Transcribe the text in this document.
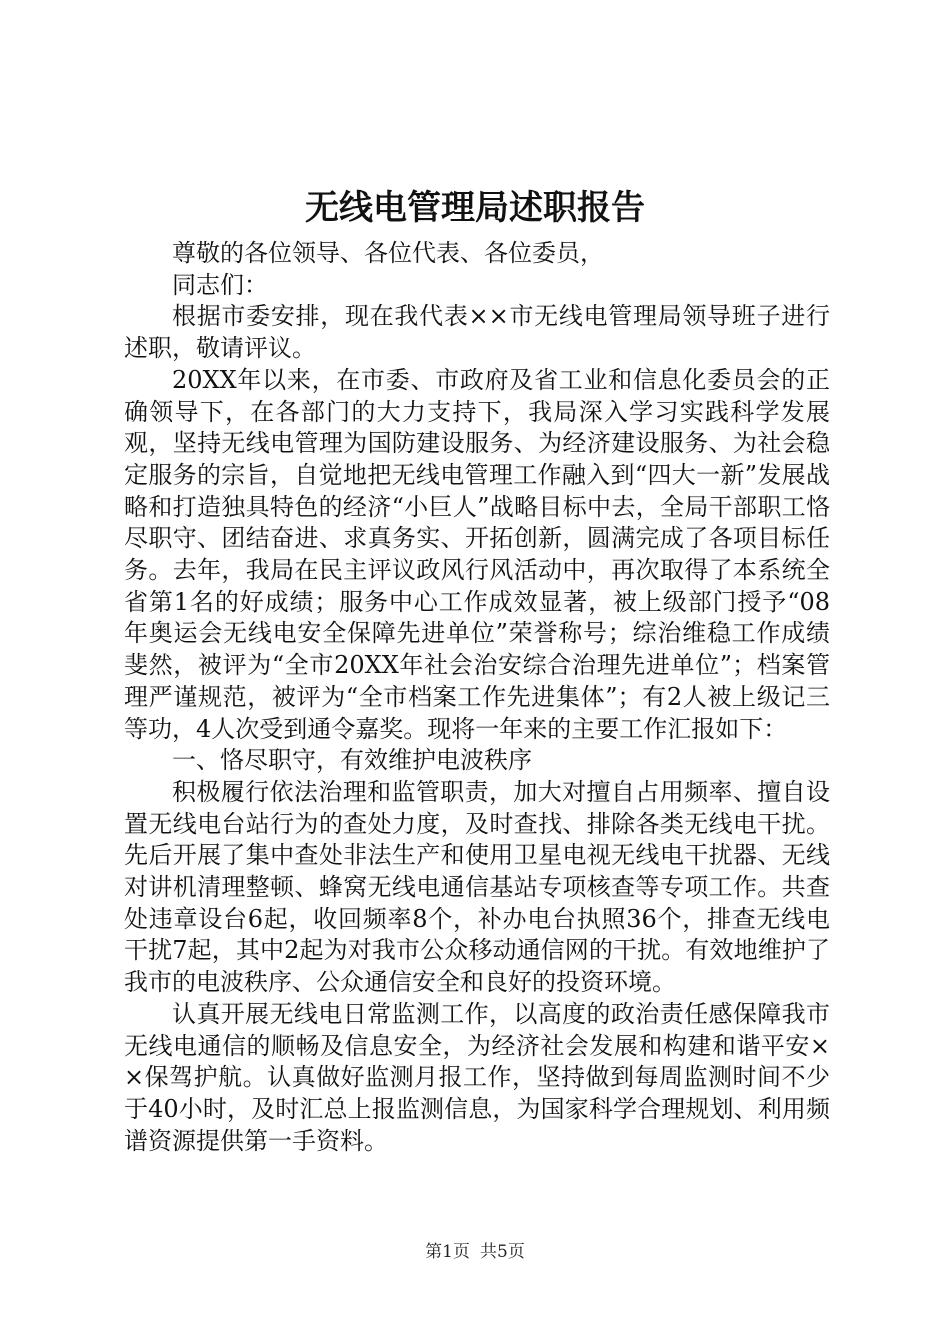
无线电管理局述职报告

尊敬的各位领导、各位代表、各位委员，

同志们：

根据市委安排，现在我代表××市无线电管理局领导班子进行述职，敬请评议。

20XX年以来，在市委、市政府及省工业和信息化委员会的正确领导下，在各部门的大力支持下，我局深入学习实践科学发展观，坚持无线电管理为国防建设服务、为经济建设服务、为社会稳定服务的宗旨，自觉地把无线电管理工作融入到“四大一新”发展战略和打造独具特色的经济“小巨人”战略目标中去，全局干部职工恪尽职守、团结奋进、求真务实、开拓创新，圆满完成了各项目标任务。去年，我局在民主评议政风行风活动中，再次取得了本系统全省第1名的好成绩；服务中心工作成效显著，被上级部门授予“08年奥运会无线电安全保障先进单位”荣誉称号；综治维稳工作成绩斐然，被评为“全市20XX年社会治安综合治理先进单位”；档案管理严谨规范，被评为“全市档案工作先进集体”；有2人被上级记三等功，4人次受到通令嘉奖。现将一年来的主要工作汇报如下：

一、恪尽职守，有效维护电波秩序

积极履行依法治理和监管职责，加大对擅自占用频率、擅自设置无线电台站行为的查处力度，及时查找、排除各类无线电干扰。先后开展了集中查处非法生产和使用卫星电视无线电干扰器、无线对讲机清理整顿、蜂窝无线电通信基站专项核查等专项工作。共查处违章设台6起，收回频率8个，补办电台执照36个，排查无线电干扰7起，其中2起为对我市公众移动通信网的干扰。有效地维护了我市的电波秩序、公众通信安全和良好的投资环境。

认真开展无线电日常监测工作，以高度的政治责任感保障我市无线电通信的顺畅及信息安全，为经济社会发展和构建和谐平安××保驾护航。认真做好监测月报工作，坚持做到每周监测时间不少于40小时，及时汇总上报监测信息，为国家科学合理规划、利用频谱资源提供第一手资料。

第1页 共5页
